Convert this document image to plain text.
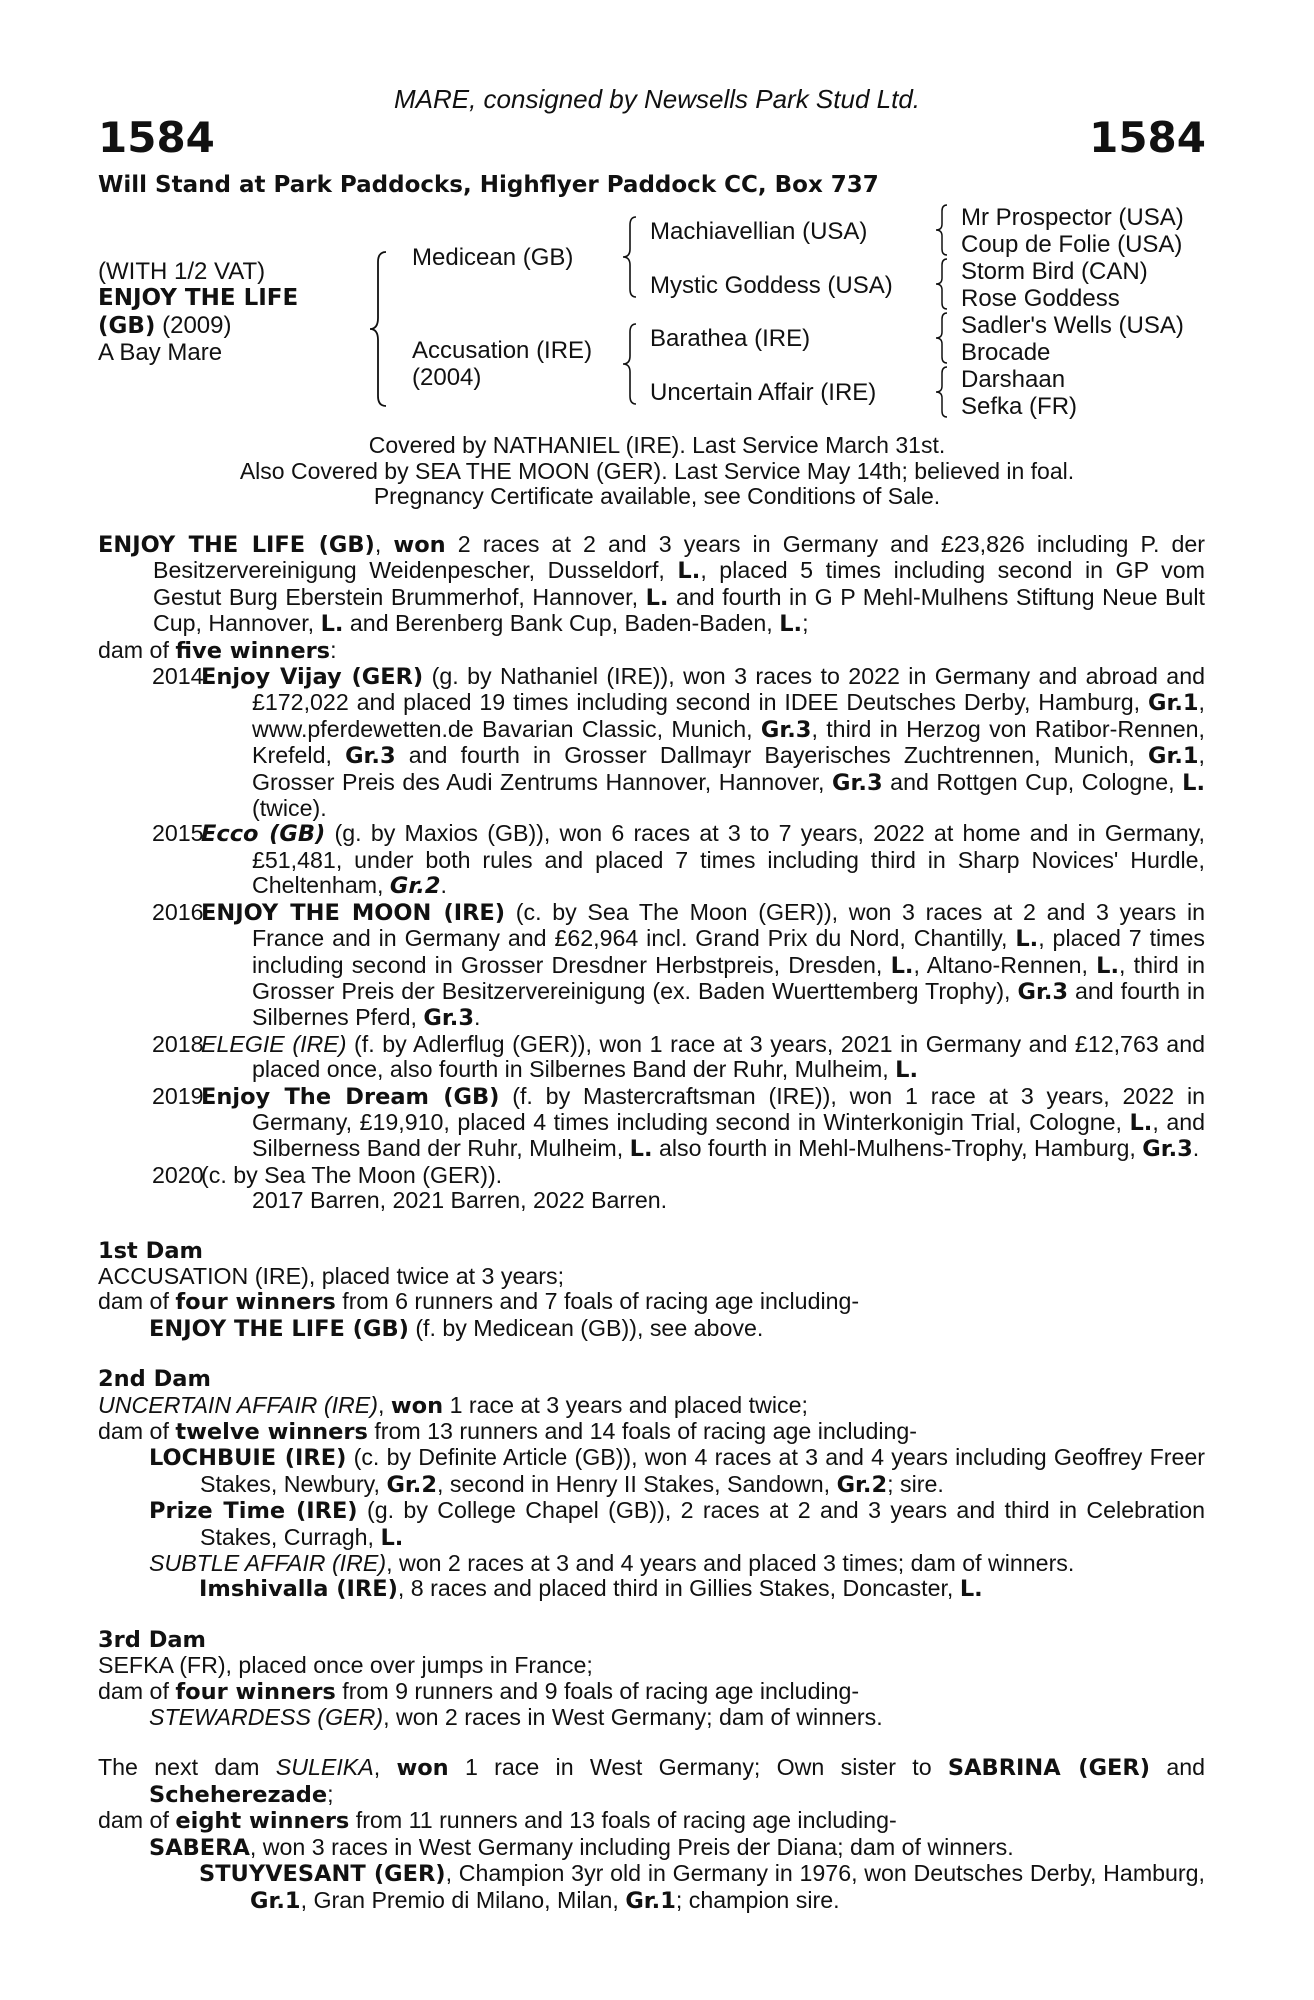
MARE, consigned by Newsells Park Stud Ltd.
1584	1584
Will Stand at Park Paddocks, Highflyer Paddock CC, Box 737
(WITH 1/2 VAT)
ENJOY THE LIFE
(GB) (2009)
A Bay Mare
Medicean (GB)
Accusation (IRE)
(2004)
Machiavellian (USA)
Mystic Goddess (USA)
Barathea (IRE)
Uncertain Affair (IRE)
Mr Prospector (USA)
Coup de Folie (USA)
Storm Bird (CAN)
Rose Goddess
Sadler's Wells (USA)
Brocade
Darshaan
Sefka (FR)
Covered by NATHANIEL (IRE). Last Service March 31st.
Also Covered by SEA THE MOON (GER). Last Service May 14th; believed in foal.
Pregnancy Certificate available, see Conditions of Sale.

ENJOY THE LIFE (GB), won 2 races at 2 and 3 years in Germany and £23,826 including P. der Besitzervereinigung Weidenpescher, Dusseldorf, L., placed 5 times including second in GP vom Gestut Burg Eberstein Brummerhof, Hannover, L. and fourth in G P Mehl-Mulhens Stiftung Neue Bult Cup, Hannover, L. and Berenberg Bank Cup, Baden-Baden, L.;

dam of five winners:

2014
Enjoy Vijay (GER) (g. by Nathaniel (IRE)), won 3 races to 2022 in Germany and abroad and £172,022 and placed 19 times including second in IDEE Deutsches Derby, Hamburg, Gr.1, www.pferdewetten.de Bavarian Classic, Munich, Gr.3, third in Herzog von Ratibor-Rennen, Krefeld, Gr.3 and fourth in Grosser Dallmayr Bayerisches Zuchtrennen, Munich, Gr.1, Grosser Preis des Audi Zentrums Hannover, Hannover, Gr.3 and Rottgen Cup, Cologne, L. (twice).
2015
Ecco (GB) (g. by Maxios (GB)), won 6 races at 3 to 7 years, 2022 at home and in Germany, £51,481, under both rules and placed 7 times including third in Sharp Novices' Hurdle, Cheltenham, Gr.2.
2016
ENJOY THE MOON (IRE) (c. by Sea The Moon (GER)), won 3 races at 2 and 3 years in France and in Germany and £62,964 incl. Grand Prix du Nord, Chantilly, L., placed 7 times including second in Grosser Dresdner Herbstpreis, Dresden, L., Altano-Rennen, L., third in Grosser Preis der Besitzervereinigung (ex. Baden Wuerttemberg Trophy), Gr.3 and fourth in Silbernes Pferd, Gr.3.
2018
ELEGIE (IRE) (f. by Adlerflug (GER)), won 1 race at 3 years, 2021 in Germany and £12,763 and placed once, also fourth in Silbernes Band der Ruhr, Mulheim, L.
2019
Enjoy The Dream (GB) (f. by Mastercraftsman (IRE)), won 1 race at 3 years, 2022 in Germany, £19,910, placed 4 times including second in Winterkonigin Trial, Cologne, L., and Silberness Band der Ruhr, Mulheim, L. also fourth in Mehl-Mulhens-Trophy, Hamburg, Gr.3.
2020
(c. by Sea The Moon (GER)).
2017 Barren, 2021 Barren, 2022 Barren.

1st Dam

ACCUSATION (IRE), placed twice at 3 years;

dam of four winners from 6 runners and 7 foals of racing age including-

ENJOY THE LIFE (GB) (f. by Medicean (GB)), see above.

2nd Dam

UNCERTAIN AFFAIR (IRE), won 1 race at 3 years and placed twice;

dam of twelve winners from 13 runners and 14 foals of racing age including-

LOCHBUIE (IRE) (c. by Definite Article (GB)), won 4 races at 3 and 4 years including Geoffrey Freer Stakes, Newbury, Gr.2, second in Henry II Stakes, Sandown, Gr.2; sire.

Prize Time (IRE) (g. by College Chapel (GB)), 2 races at 2 and 3 years and third in Celebration Stakes, Curragh, L.

SUBTLE AFFAIR (IRE), won 2 races at 3 and 4 years and placed 3 times; dam of winners.

Imshivalla (IRE), 8 races and placed third in Gillies Stakes, Doncaster, L.

3rd Dam

SEFKA (FR), placed once over jumps in France;

dam of four winners from 9 runners and 9 foals of racing age including-

STEWARDESS (GER), won 2 races in West Germany; dam of winners.

The next dam SULEIKA, won 1 race in West Germany; Own sister to SABRINA (GER) and Scheherezade;

dam of eight winners from 11 runners and 13 foals of racing age including-

SABERA, won 3 races in West Germany including Preis der Diana; dam of winners.

STUYVESANT (GER), Champion 3yr old in Germany in 1976, won Deutsches Derby, Hamburg, Gr.1, Gran Premio di Milano, Milan, Gr.1; champion sire.
